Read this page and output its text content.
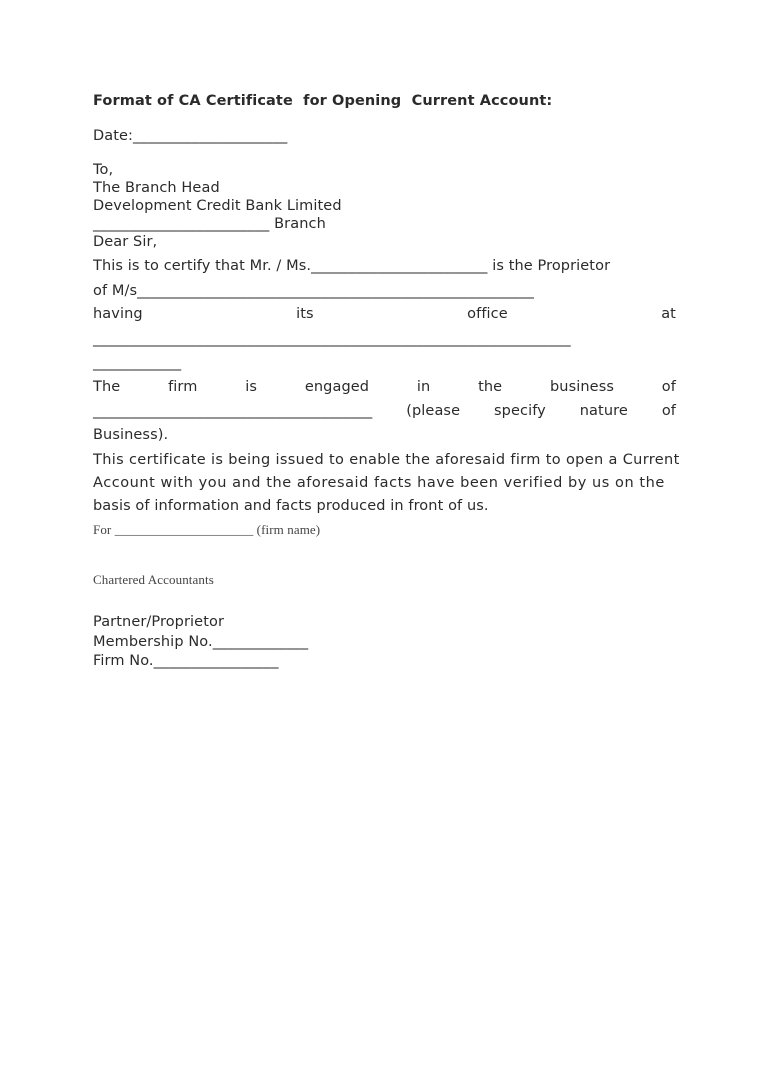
Format of CA Certificate  for Opening  Current Account:
Date:_____________________
To,
The Branch Head
Development Credit Bank Limited
________________________ Branch
Dear Sir,
This is to certify that Mr. / Ms.________________________ is the Proprietor
of M/s______________________________________________________
having	its	office	at
_________________________________________________________________
____________
The	firm	is	engaged	in	the	business	of
______________________________________ (please specify nature of
Business).
This certificate is being issued to enable the aforesaid firm to open a Current
Account with you and the aforesaid facts have been verified by us on the
basis of information and facts produced in front of us.
For _____________________ (firm name)
Chartered Accountants
Partner/Proprietor
Membership No._____________
Firm No._________________
